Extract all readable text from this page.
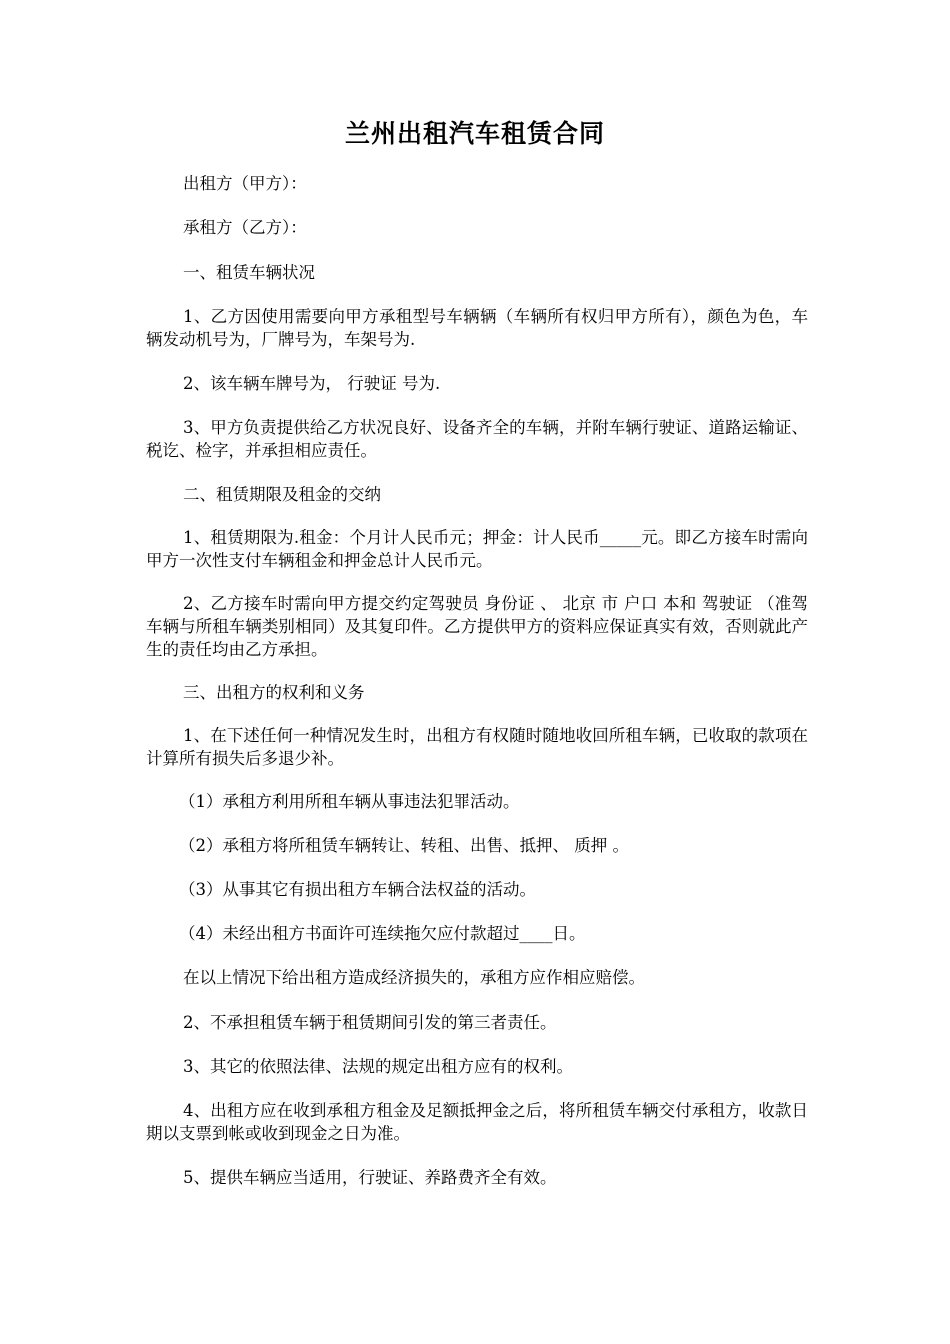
兰州出租汽车租赁合同
出租方（甲方）：
承租方（乙方）：
一、租赁车辆状况
1、乙方因使用需要向甲方承租型号车辆辆（车辆所有权归甲方所有），颜色为色，车辆发动机号为，厂牌号为，车架号为.
2、该车辆车牌号为， 行驶证 号为.
3、甲方负责提供给乙方状况良好、设备齐全的车辆，并附车辆行驶证、道路运输证、税讫、检字，并承担相应责任。
二、租赁期限及租金的交纳
1、租赁期限为.租金：个月计人民币元；押金：计人民币_____元。即乙方接车时需向甲方一次性支付车辆租金和押金总计人民币元。
2、乙方接车时需向甲方提交约定驾驶员 身份证 、 北京 市 户口 本和 驾驶证 （准驾车辆与所租车辆类别相同）及其复印件。乙方提供甲方的资料应保证真实有效，否则就此产生的责任均由乙方承担。
三、出租方的权利和义务
1、在下述任何一种情况发生时，出租方有权随时随地收回所租车辆，已收取的款项在计算所有损失后多退少补。
（1）承租方利用所租车辆从事违法犯罪活动。
（2）承租方将所租赁车辆转让、转租、出售、抵押、 质押 。
（3）从事其它有损出租方车辆合法权益的活动。
（4）未经出租方书面许可连续拖欠应付款超过____日。
在以上情况下给出租方造成经济损失的，承租方应作相应赔偿。
2、不承担租赁车辆于租赁期间引发的第三者责任。
3、其它的依照法律、法规的规定出租方应有的权利。
4、出租方应在收到承租方租金及足额抵押金之后，将所租赁车辆交付承租方，收款日期以支票到帐或收到现金之日为准。
5、提供车辆应当适用，行驶证、养路费齐全有效。
